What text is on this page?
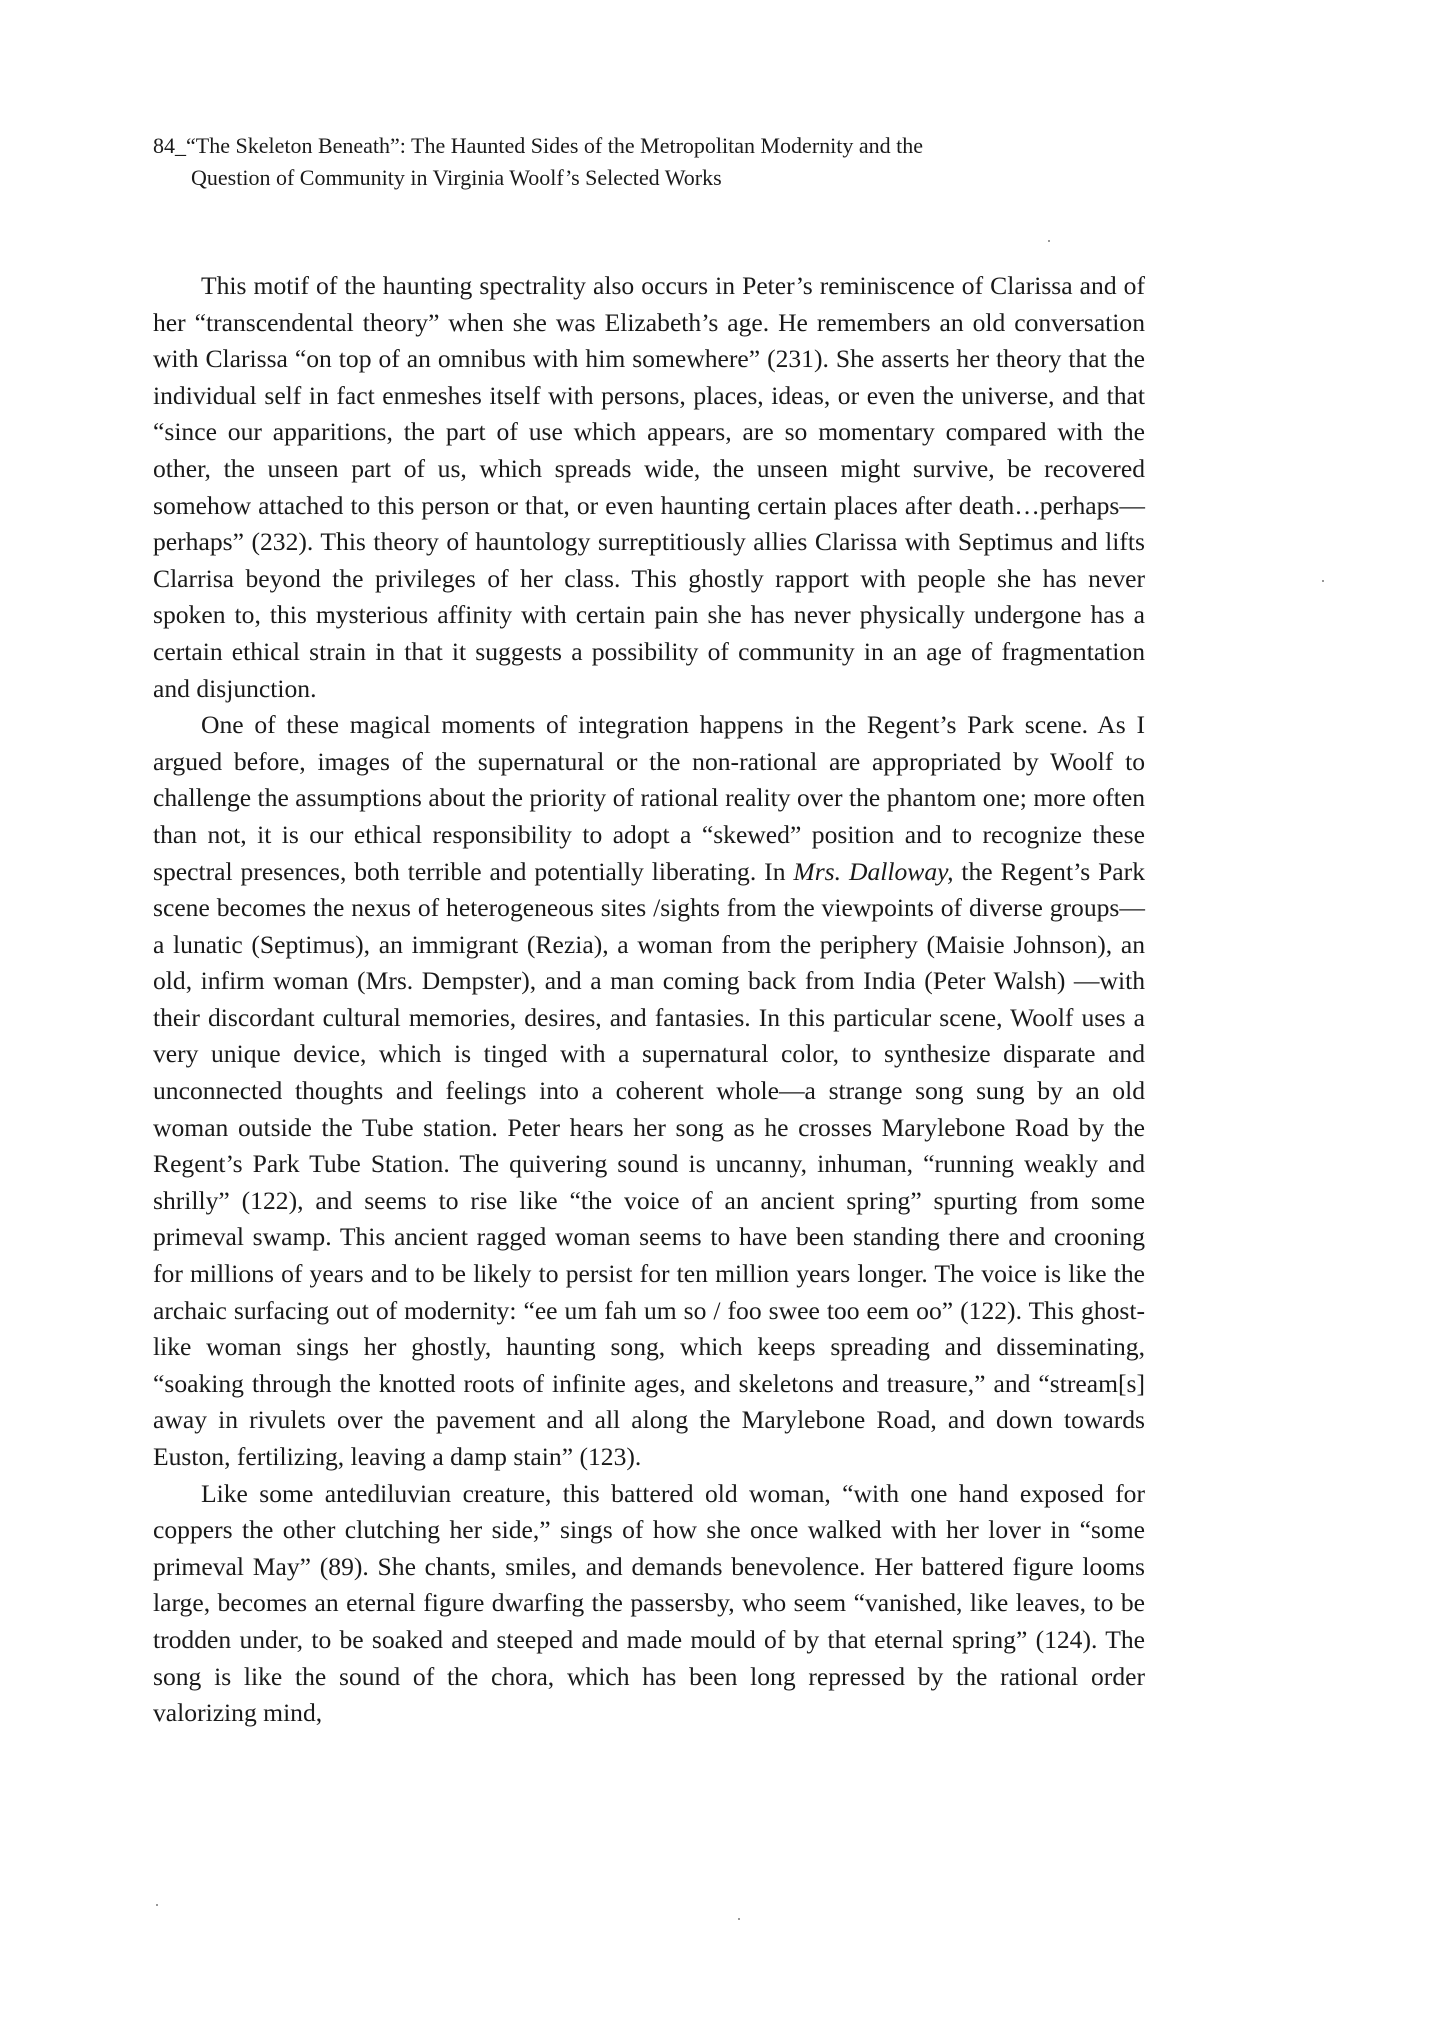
84_“The Skeleton Beneath”: The Haunted Sides of the Metropolitan Modernity and the
Question of Community in Virginia Woolf’s Selected Works

This motif of the haunting spectrality also occurs in Peter’s reminiscence of Clarissa and of her “transcendental theory” when she was Elizabeth’s age. He remembers an old conversation with Clarissa “on top of an omnibus with him somewhere” (231). She asserts her theory that the individual self in fact enmeshes itself with persons, places, ideas, or even the universe, and that “since our apparitions, the part of use which appears, are so momentary compared with the other, the unseen part of us, which spreads wide, the unseen might survive, be recovered somehow attached to this person or that, or even haunting certain places after death…perhaps—perhaps” (232). This theory of hauntology surreptitiously allies Clarissa with Septimus and lifts Clarrisa beyond the privileges of her class. This ghostly rapport with people she has never spoken to, this mysterious affinity with certain pain she has never physically undergone has a certain ethical strain in that it suggests a possibility of community in an age of fragmentation and disjunction.

One of these magical moments of integration happens in the Regent’s Park scene. As I argued before, images of the supernatural or the non-rational are appropriated by Woolf to challenge the assumptions about the priority of rational reality over the phantom one; more often than not, it is our ethical responsibility to adopt a “skewed” position and to recognize these spectral presences, both terrible and potentially liberating. In Mrs. Dalloway, the Regent’s Park scene becomes the nexus of heterogeneous sites /sights from the viewpoints of diverse groups—a lunatic (Septimus), an immigrant (Rezia), a woman from the periphery (Maisie Johnson), an old, infirm woman (Mrs. Dempster), and a man coming back from India (Peter Walsh) —with their discordant cultural memories, desires, and fantasies. In this particular scene, Woolf uses a very unique device, which is tinged with a supernatural color, to synthesize disparate and unconnected thoughts and feelings into a coherent whole—a strange song sung by an old woman outside the Tube station. Peter hears her song as he crosses Marylebone Road by the Regent’s Park Tube Station. The quivering sound is uncanny, inhuman, “running weakly and shrilly” (122), and seems to rise like “the voice of an ancient spring” spurting from some primeval swamp. This ancient ragged woman seems to have been standing there and crooning for millions of years and to be likely to persist for ten million years longer. The voice is like the archaic surfacing out of modernity: “ee um fah um so / foo swee too eem oo” (122). This ghost-like woman sings her ghostly, haunting song, which keeps spreading and disseminating, “soaking through the knotted roots of infinite ages, and skeletons and treasure,” and “stream[s] away in rivulets over the pavement and all along the Marylebone Road, and down towards Euston, fertilizing, leaving a damp stain” (123).

Like some antediluvian creature, this battered old woman, “with one hand exposed for coppers the other clutching her side,” sings of how she once walked with her lover in “some primeval May” (89). She chants, smiles, and demands benevolence. Her battered figure looms large, becomes an eternal figure dwarfing the passersby, who seem “vanished, like leaves, to be trodden under, to be soaked and steeped and made mould of by that eternal spring” (124). The song is like the sound of the chora, which has been long repressed by the rational order valorizing mind,
